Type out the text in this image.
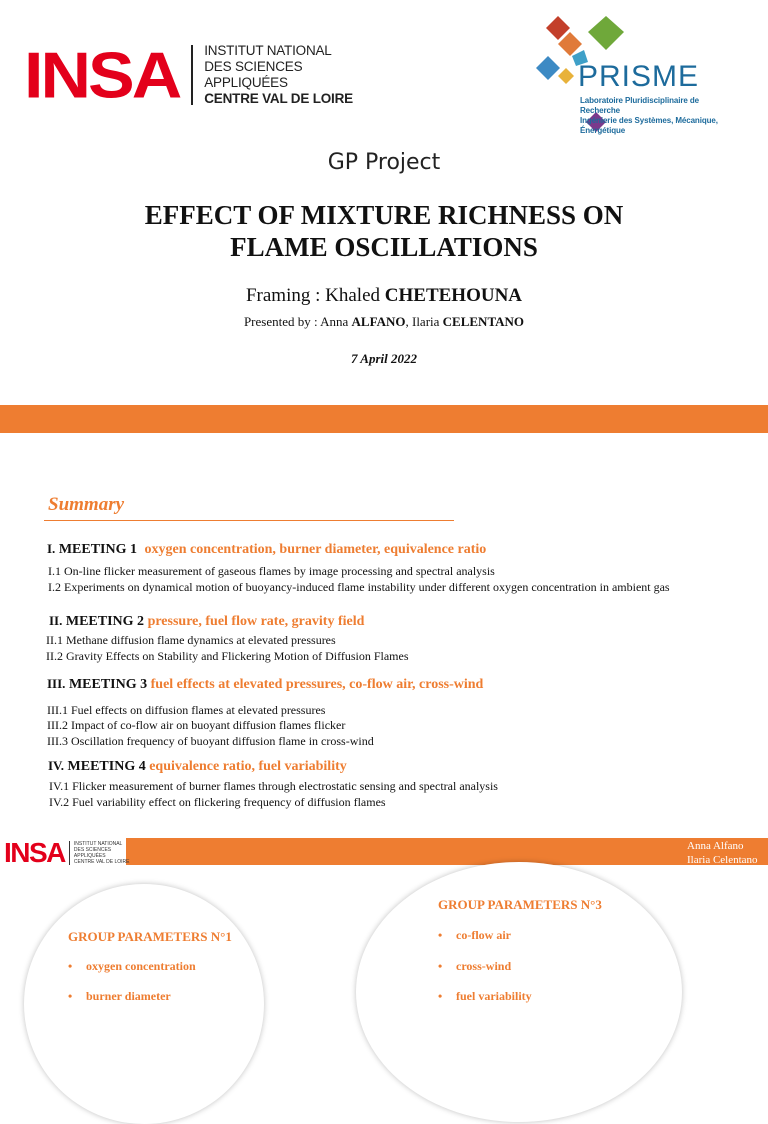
INSA INSTITUT NATIONAL
DES SCIENCES
APPLIQUÉES
CENTRE VAL DE LOIRE
PRISME
Laboratoire Pluridisciplinaire de Recherche
Ingénierie des Systèmes, Mécanique, Énergétique
GP Project
EFFECT OF MIXTURE RICHNESS ON
FLAME OSCILLATIONS
Framing : Khaled CHETEHOUNA
Presented by : Anna ALFANO, Ilaria CELENTANO
7 April 2022
Summary
I. MEETING 1 oxygen concentration, burner diameter, equivalence ratio
I.1 On-line flicker measurement of gaseous flames by image processing and spectral analysis
I.2 Experiments on dynamical motion of buoyancy-induced flame instability under different oxygen concentration in ambient gas
II. MEETING 2 pressure, fuel flow rate, gravity field
II.1 Methane diffusion flame dynamics at elevated pressures
II.2 Gravity Effects on Stability and Flickering Motion of Diffusion Flames
III. MEETING 3 fuel effects at elevated pressures, co-flow air, cross-wind
III.1 Fuel effects on diffusion flames at elevated pressures
III.2 Impact of co-flow air on buoyant diffusion flames flicker
III.3 Oscillation frequency of buoyant diffusion flame in cross-wind
IV. MEETING 4 equivalence ratio, fuel variability
IV.1 Flicker measurement of burner flames through electrostatic sensing and spectral analysis
IV.2 Fuel variability effect on flickering frequency of diffusion flames
INSA INSTITUT NATIONAL
DES SCIENCES
APPLIQUÉES
CENTRE VAL DE LOIRE
Anna Alfano
Ilaria Celentano
GROUP PARAMETERS N°1
• oxygen concentration
• burner diameter
GROUP PARAMETERS N°3
• co-flow air
• cross-wind
• fuel variability
